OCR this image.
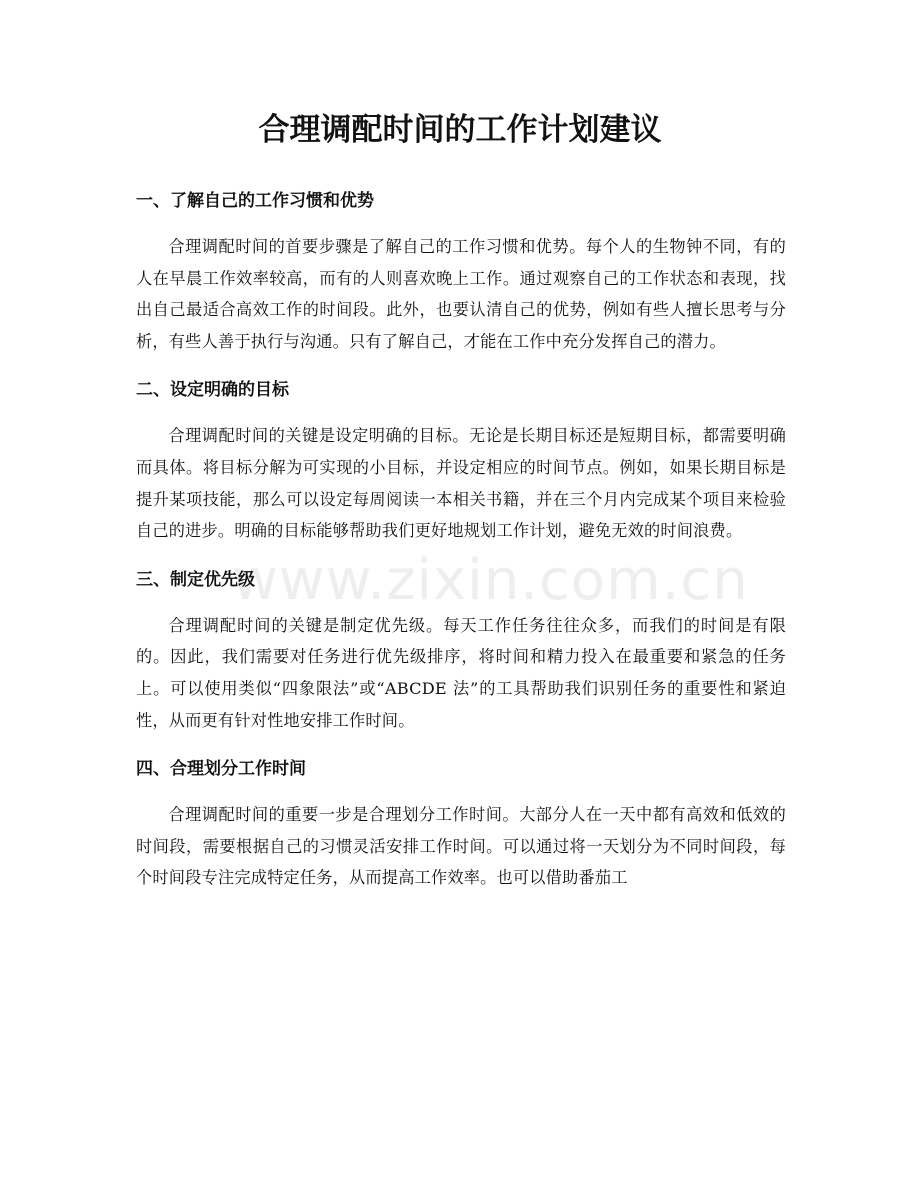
www.zixin.com.cn
合理调配时间的工作计划建议
一、了解自己的工作习惯和优势

合理调配时间的首要步骤是了解自己的工作习惯和优势。每个人的生物钟不同，有的人在早晨工作效率较高，而有的人则喜欢晚上工作。通过观察自己的工作状态和表现，找出自己最适合高效工作的时间段。此外，也要认清自己的优势，例如有些人擅长思考与分析，有些人善于执行与沟通。只有了解自己，才能在工作中充分发挥自己的潜力。

二、设定明确的目标

合理调配时间的关键是设定明确的目标。无论是长期目标还是短期目标，都需要明确而具体。将目标分解为可实现的小目标，并设定相应的时间节点。例如，如果长期目标是提升某项技能，那么可以设定每周阅读一本相关书籍，并在三个月内完成某个项目来检验自己的进步。明确的目标能够帮助我们更好地规划工作计划，避免无效的时间浪费。

三、制定优先级

合理调配时间的关键是制定优先级。每天工作任务往往众多，而我们的时间是有限的。因此，我们需要对任务进行优先级排序，将时间和精力投入在最重要和紧急的任务上。可以使用类似“四象限法”或“ABCDE 法”的工具帮助我们识别任务的重要性和紧迫性，从而更有针对性地安排工作时间。

四、合理划分工作时间

合理调配时间的重要一步是合理划分工作时间。大部分人在一天中都有高效和低效的时间段，需要根据自己的习惯灵活安排工作时间。可以通过将一天划分为不同时间段，每个时间段专注完成特定任务，从而提高工作效率。也可以借助番茄工
